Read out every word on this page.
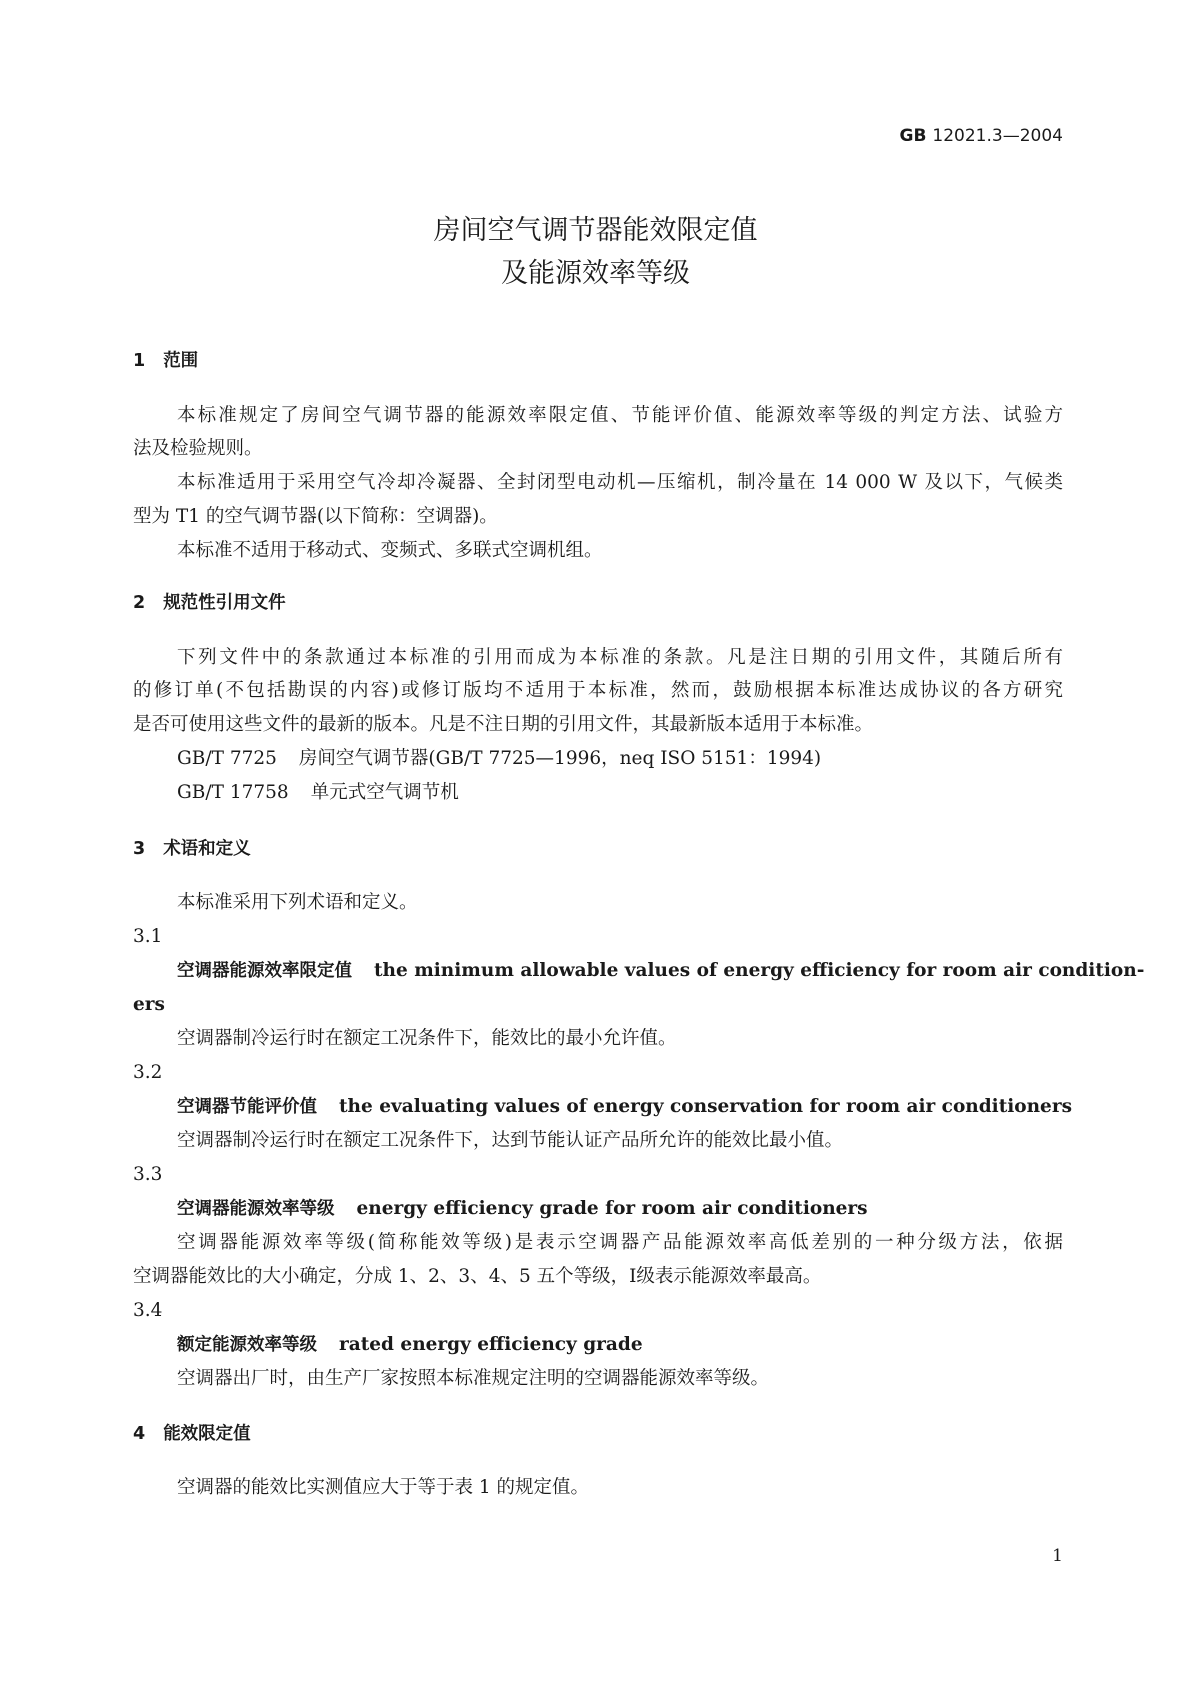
GB 12021.3—2004
房间空气调节器能效限定值
及能源效率等级
1 范围
本标准规定了房间空气调节器的能源效率限定值、节能评价值、能源效率等级的判定方法、试验方
法及检验规则。
本标准适用于采用空气冷却冷凝器、全封闭型电动机—压缩机，制冷量在 14 000 W 及以下，气候类
型为 T1 的空气调节器(以下简称：空调器)。
本标准不适用于移动式、变频式、多联式空调机组。
2 规范性引用文件
下列文件中的条款通过本标准的引用而成为本标准的条款。凡是注日期的引用文件，其随后所有
的修订单(不包括勘误的内容)或修订版均不适用于本标准，然而，鼓励根据本标准达成协议的各方研究
是否可使用这些文件的最新的版本。凡是不注日期的引用文件，其最新版本适用于本标准。
GB/T 7725 房间空气调节器(GB/T 7725—1996，neq ISO 5151：1994)
GB/T 17758 单元式空气调节机
3 术语和定义
本标准采用下列术语和定义。
3.1
空调器能源效率限定值 the minimum allowable values of energy efficiency for room air condition-
ers
空调器制冷运行时在额定工况条件下，能效比的最小允许值。
3.2
空调器节能评价值 the evaluating values of energy conservation for room air conditioners
空调器制冷运行时在额定工况条件下，达到节能认证产品所允许的能效比最小值。
3.3
空调器能源效率等级 energy efficiency grade for room air conditioners
空调器能源效率等级(简称能效等级)是表示空调器产品能源效率高低差别的一种分级方法，依据
空调器能效比的大小确定，分成 1、2、3、4、5 五个等级，Ⅰ级表示能源效率最高。
3.4
额定能源效率等级 rated energy efficiency grade
空调器出厂时，由生产厂家按照本标准规定注明的空调器能源效率等级。
4 能效限定值
空调器的能效比实测值应大于等于表 1 的规定值。
1
